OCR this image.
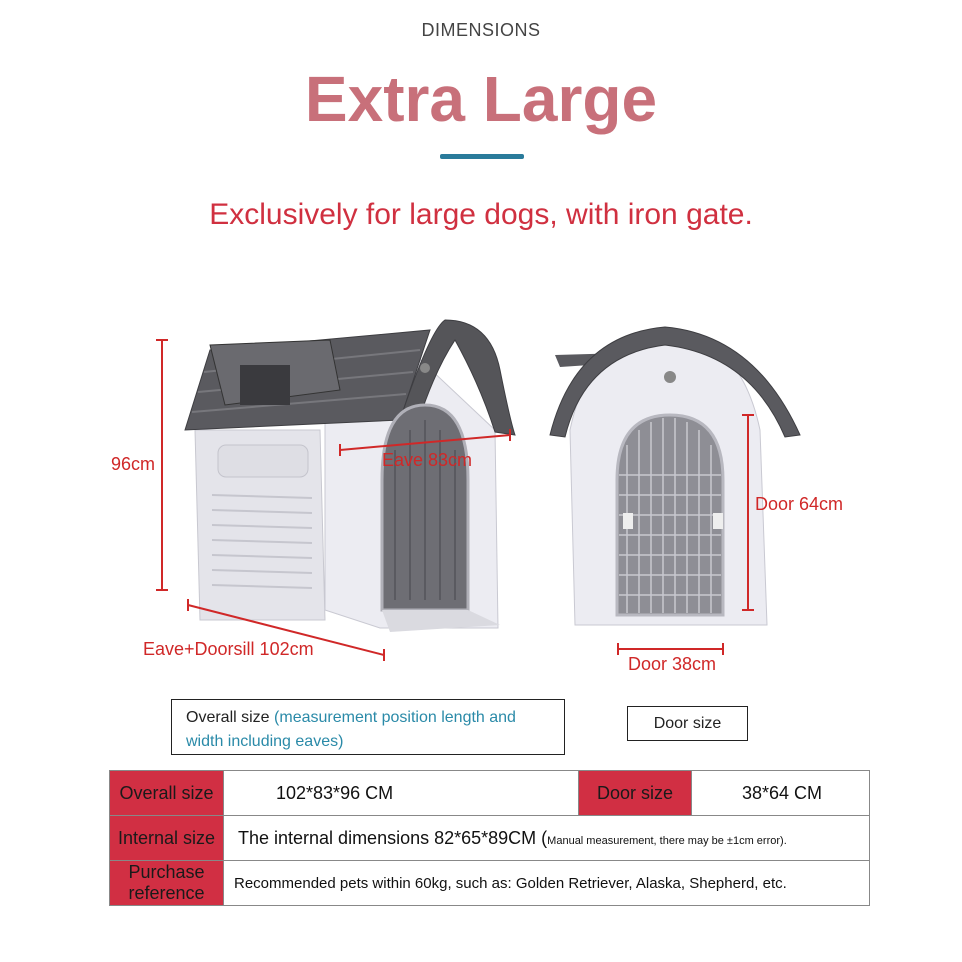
DIMENSIONS
Extra Large
Exclusively for large dogs, with iron gate.
96cm	Eave 83cm
Eave+Doorsill 102cm
Door 64cm
Door 38cm
Overall size (measurement position length and width including eaves)
Door size
Overall size	102*83*96 CM	Door size	38*64 CM
Internal size	The internal dimensions 82*65*89CM (Manual measurement, there may be ±1cm error).		
Purchase reference	Recommended pets within 60kg, such as: Golden Retriever, Alaska, Shepherd, etc.		
